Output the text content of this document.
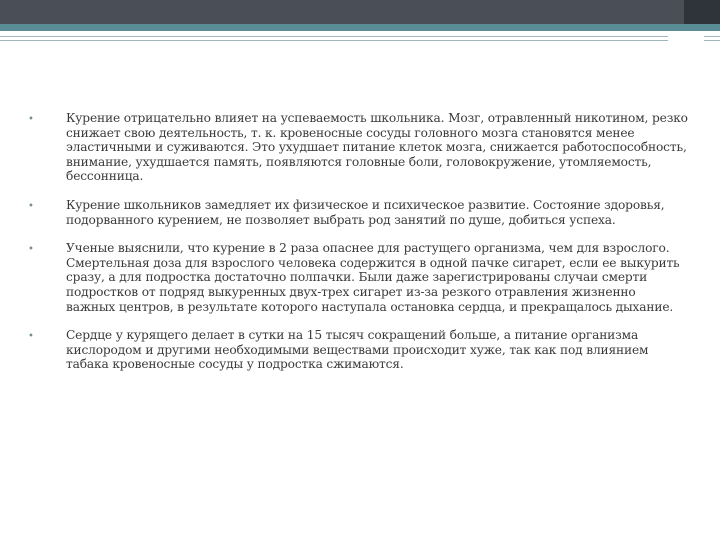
•	Курение отрицательно влияет на успеваемость школьника. Мозг, отравленный никотином, резко снижает свою деятельность, т. к. кровеносные сосуды головного мозга становятся менее эластичными и суживаются. Это ухудшает питание клеток мозга, снижается работоспособность, внимание, ухудшается память, появляются головные боли, головокружение, утомляемость, бессонница.
•	Курение школьников замедляет их физическое и психическое развитие. Состояние здоровья, подорванного курением, не позволяет выбрать род занятий по душе, добиться успеха.
•	Ученые выяснили, что курение в 2 раза опаснее для растущего организма, чем для взрослого. Смертельная доза для взрослого человека содержится в одной пачке сигарет, если ее выкурить сразу, а для подростка достаточно полпачки. Были даже зарегистрированы случаи смерти подростков от подряд выкуренных двух-трех сигарет из-за резкого отравления жизненно важных центров, в результате которого наступала остановка сердца, и прекращалось дыхание.
•	Сердце у курящего делает в сутки на 15 тысяч сокращений больше, а питание организма кислородом и другими необходимыми веществами происходит хуже, так как под влиянием табака кровеносные сосуды у подростка сжимаются.
